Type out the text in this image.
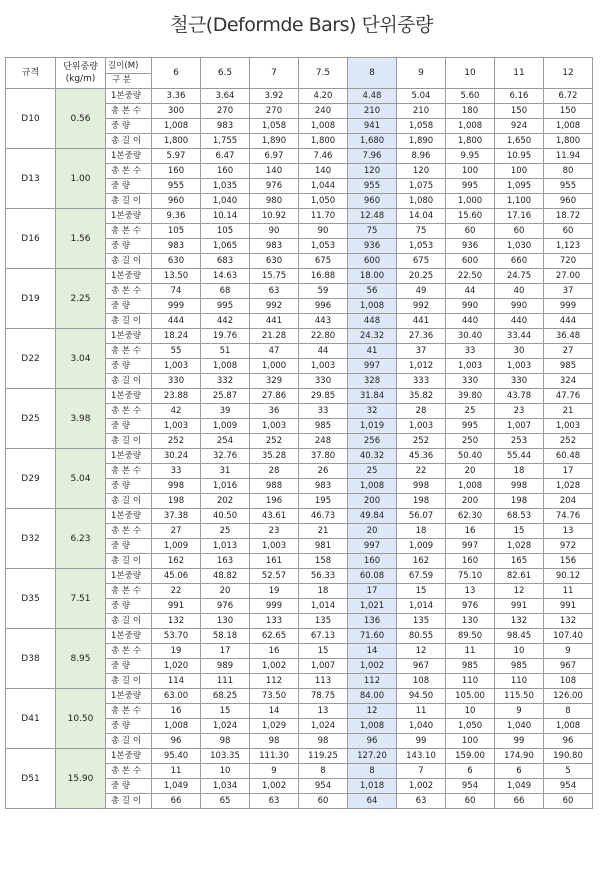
철근(Deformde Bars) 단위중량
규격	단위중량
(kg/m)	길이(M)
구 분	6	6.5	7	7.5	8	9	10	11	12
D10	0.56	1본중량	3.36	3.64	3.92	4.20	4.48	5.04	5.60	6.16	6.72
		총 본 수	300	270	270	240	210	210	180	150	150
		중 량	1,008	983	1,058	1,008	941	1,058	1,008	924	1,008
		총 길 이	1,800	1,755	1,890	1,800	1,680	1,890	1,800	1,650	1,800
D13	1.00	1본중량	5.97	6.47	6.97	7.46	7.96	8.96	9.95	10.95	11.94
		총 본 수	160	160	140	140	120	120	100	100	80
		중 량	955	1,035	976	1,044	955	1,075	995	1,095	955
		총 길 이	960	1,040	980	1,050	960	1,080	1,000	1,100	960
D16	1.56	1본중량	9.36	10.14	10.92	11.70	12.48	14.04	15.60	17.16	18.72
		총 본 수	105	105	90	90	75	75	60	60	60
		중 량	983	1,065	983	1,053	936	1,053	936	1,030	1,123
		총 길 이	630	683	630	675	600	675	600	660	720
D19	2.25	1본중량	13.50	14.63	15.75	16.88	18.00	20.25	22.50	24.75	27.00
		총 본 수	74	68	63	59	56	49	44	40	37
		중 량	999	995	992	996	1,008	992	990	990	999
		총 길 이	444	442	441	443	448	441	440	440	444
D22	3.04	1본중량	18.24	19.76	21.28	22.80	24.32	27.36	30.40	33.44	36.48
		총 본 수	55	51	47	44	41	37	33	30	27
		중 량	1,003	1,008	1,000	1,003	997	1,012	1,003	1,003	985
		총 길 이	330	332	329	330	328	333	330	330	324
D25	3.98	1본중량	23.88	25.87	27.86	29.85	31.84	35.82	39.80	43.78	47.76
		총 본 수	42	39	36	33	32	28	25	23	21
		중 량	1,003	1,009	1,003	985	1,019	1,003	995	1,007	1,003
		총 길 이	252	254	252	248	256	252	250	253	252
D29	5.04	1본중량	30.24	32.76	35.28	37.80	40.32	45.36	50.40	55.44	60.48
		총 본 수	33	31	28	26	25	22	20	18	17
		중 량	998	1,016	988	983	1,008	998	1,008	998	1,028
		총 길 이	198	202	196	195	200	198	200	198	204
D32	6.23	1본중량	37.38	40.50	43.61	46.73	49.84	56.07	62.30	68.53	74.76
		총 본 수	27	25	23	21	20	18	16	15	13
		중 량	1,009	1,013	1,003	981	997	1,009	997	1,028	972
		총 길 이	162	163	161	158	160	162	160	165	156
D35	7.51	1본중량	45.06	48.82	52.57	56.33	60.08	67.59	75.10	82.61	90.12
		총 본 수	22	20	19	18	17	15	13	12	11
		중 량	991	976	999	1,014	1,021	1,014	976	991	991
		총 길 이	132	130	133	135	136	135	130	132	132
D38	8.95	1본중량	53.70	58.18	62.65	67.13	71.60	80.55	89.50	98.45	107.40
		총 본 수	19	17	16	15	14	12	11	10	9
		중 량	1,020	989	1,002	1,007	1,002	967	985	985	967
		총 길 이	114	111	112	113	112	108	110	110	108
D41	10.50	1본중량	63.00	68.25	73.50	78.75	84.00	94.50	105.00	115.50	126.00
		총 본 수	16	15	14	13	12	11	10	9	8
		중 량	1,008	1,024	1,029	1,024	1,008	1,040	1,050	1,040	1,008
		총 길 이	96	98	98	98	96	99	100	99	96
D51	15.90	1본중량	95.40	103.35	111.30	119.25	127.20	143.10	159.00	174.90	190.80
		총 본 수	11	10	9	8	8	7	6	6	5
		중 량	1,049	1,034	1,002	954	1,018	1,002	954	1,049	954
		총 길 이	66	65	63	60	64	63	60	66	60
